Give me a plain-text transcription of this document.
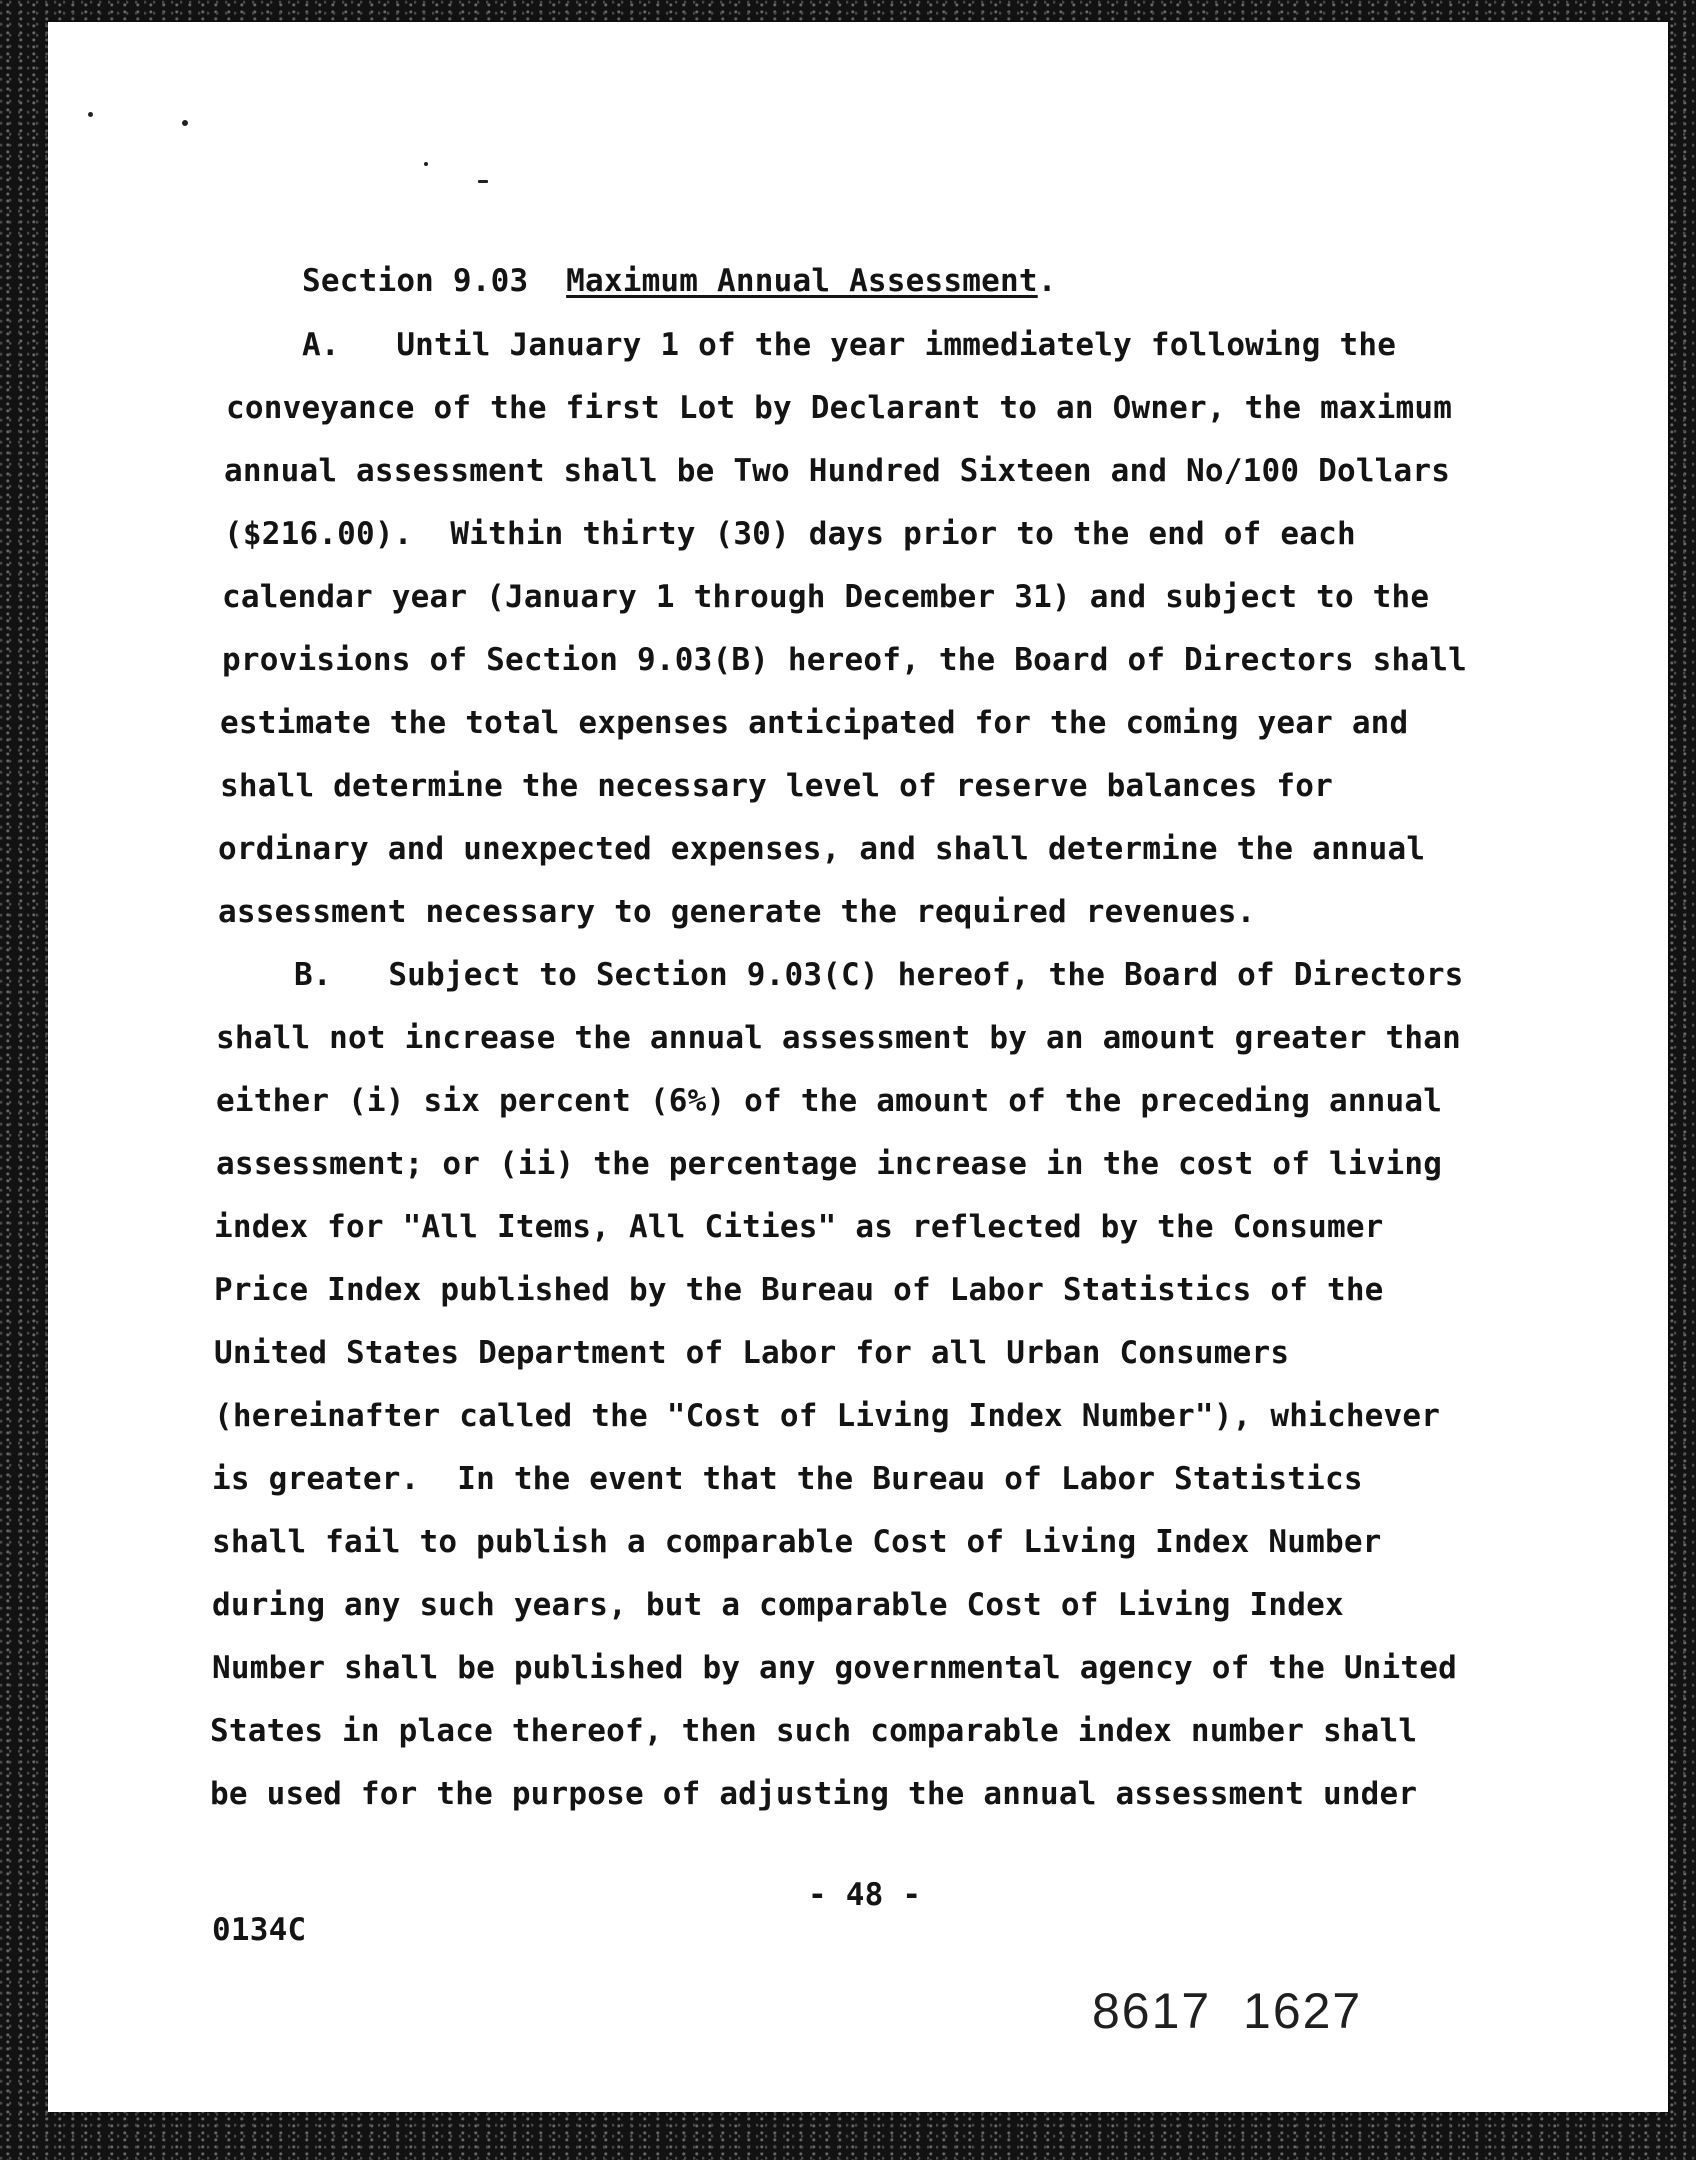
Section 9.03 Maximum Annual Assessment.
A.   Until January 1 of the year immediately following the
conveyance of the first Lot by Declarant to an Owner, the maximum
annual assessment shall be Two Hundred Sixteen and No/100 Dollars
($216.00).  Within thirty (30) days prior to the end of each
calendar year (January 1 through December 31) and subject to the
provisions of Section 9.03(B) hereof, the Board of Directors shall
estimate the total expenses anticipated for the coming year and
shall determine the necessary level of reserve balances for
ordinary and unexpected expenses, and shall determine the annual
assessment necessary to generate the required revenues.
B.   Subject to Section 9.03(C) hereof, the Board of Directors
shall not increase the annual assessment by an amount greater than
either (i) six percent (6%) of the amount of the preceding annual
assessment; or (ii) the percentage increase in the cost of living
index for "All Items, All Cities" as reflected by the Consumer
Price Index published by the Bureau of Labor Statistics of the
United States Department of Labor for all Urban Consumers
(hereinafter called the "Cost of Living Index Number"), whichever
is greater.  In the event that the Bureau of Labor Statistics
shall fail to publish a comparable Cost of Living Index Number
during any such years, but a comparable Cost of Living Index
Number shall be published by any governmental agency of the United
States in place thereof, then such comparable index number shall
be used for the purpose of adjusting the annual assessment under
- 48 -
0134C
8617  1627
